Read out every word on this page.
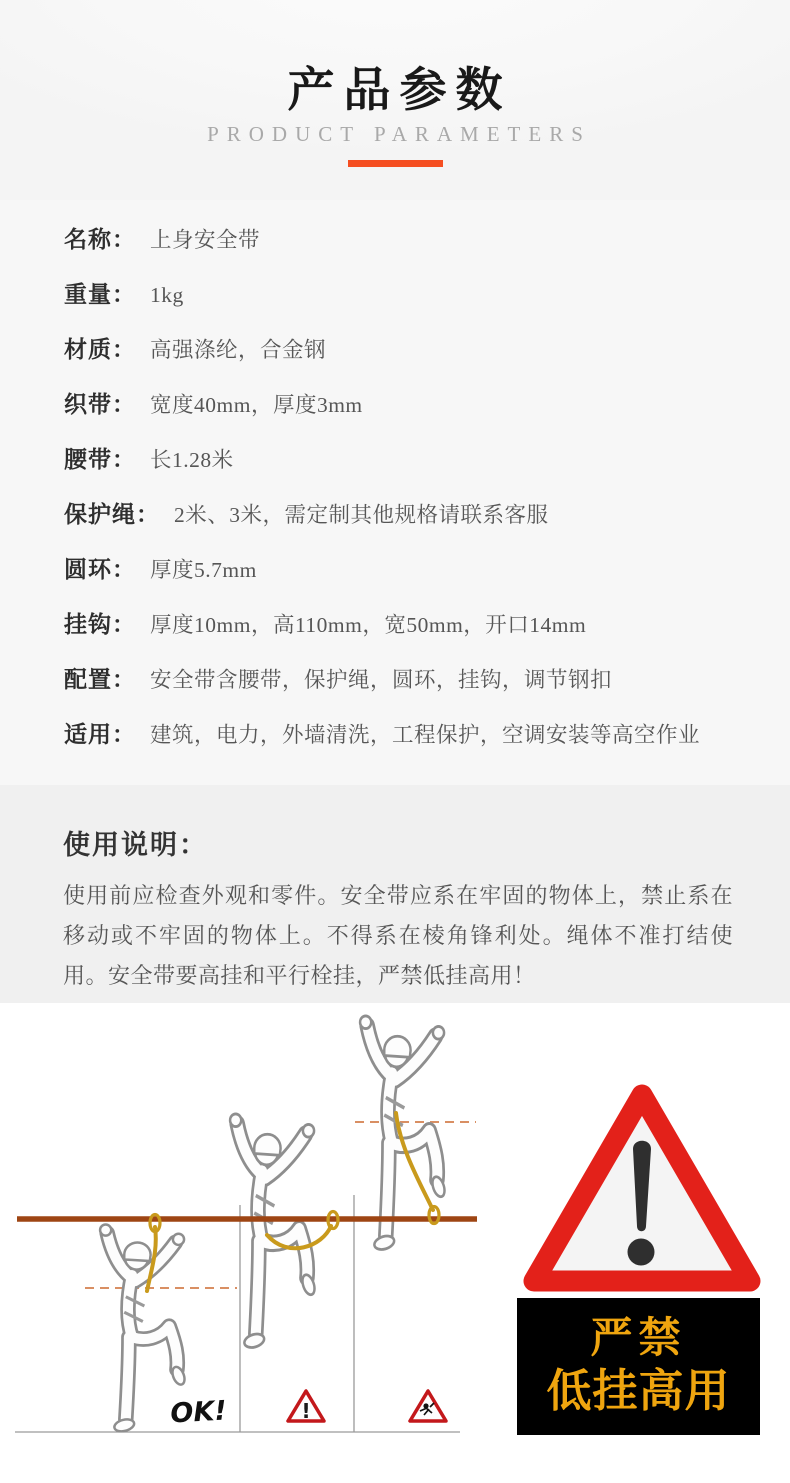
产品参数
PRODUCT PARAMETERS
名称： 上身安全带
重量： 1kg
材质： 高强涤纶，合金钢
织带： 宽度40mm，厚度3mm
腰带： 长1.28米
保护绳： 2米、3米，需定制其他规格请联系客服
圆环： 厚度5.7mm
挂钩： 厚度10mm，高110mm，宽50mm，开口14mm
配置： 安全带含腰带，保护绳，圆环，挂钩，调节钢扣
适用： 建筑，电力，外墙清洗，工程保护，空调安装等高空作业
使用说明：

使用前应检查外观和零件。安全带应系在牢固的物体上，禁止系在移动或不牢固的物体上。不得系在棱角锋利处。绳体不准打结使用。安全带要高挂和平行栓挂，严禁低挂高用！

OK!	!
严禁
低挂高用
